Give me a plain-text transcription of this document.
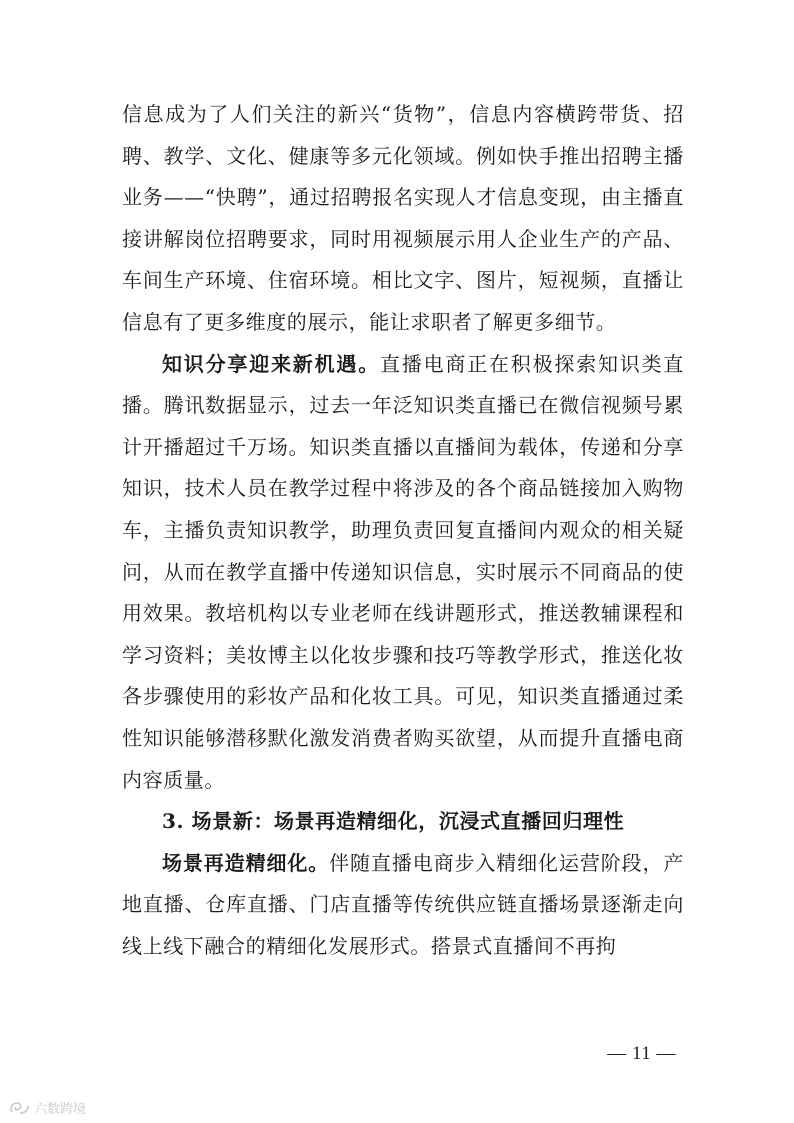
信息成为了人们关注的新兴“货物”，信息内容横跨带货、招聘、教学、文化、健康等多元化领域。例如快手推出招聘主播业务——“快聘”，通过招聘报名实现人才信息变现，由主播直接讲解岗位招聘要求，同时用视频展示用人企业生产的产品、车间生产环境、住宿环境。相比文字、图片，短视频，直播让信息有了更多维度的展示，能让求职者了解更多细节。

知识分享迎来新机遇。直播电商正在积极探索知识类直播。腾讯数据显示，过去一年泛知识类直播已在微信视频号累计开播超过千万场。知识类直播以直播间为载体，传递和分享知识，技术人员在教学过程中将涉及的各个商品链接加入购物车，主播负责知识教学，助理负责回复直播间内观众的相关疑问，从而在教学直播中传递知识信息，实时展示不同商品的使用效果。教培机构以专业老师在线讲题形式，推送教辅课程和学习资料；美妆博主以化妆步骤和技巧等教学形式，推送化妆各步骤使用的彩妆产品和化妆工具。可见，知识类直播通过柔性知识能够潜移默化激发消费者购买欲望，从而提升直播电商内容质量。

3. 场景新：场景再造精细化，沉浸式直播回归理性

场景再造精细化。伴随直播电商步入精细化运营阶段，产地直播、仓库直播、门店直播等传统供应链直播场景逐渐走向线上线下融合的精细化发展形式。搭景式直播间不再拘

— 11 —
六数跨境
